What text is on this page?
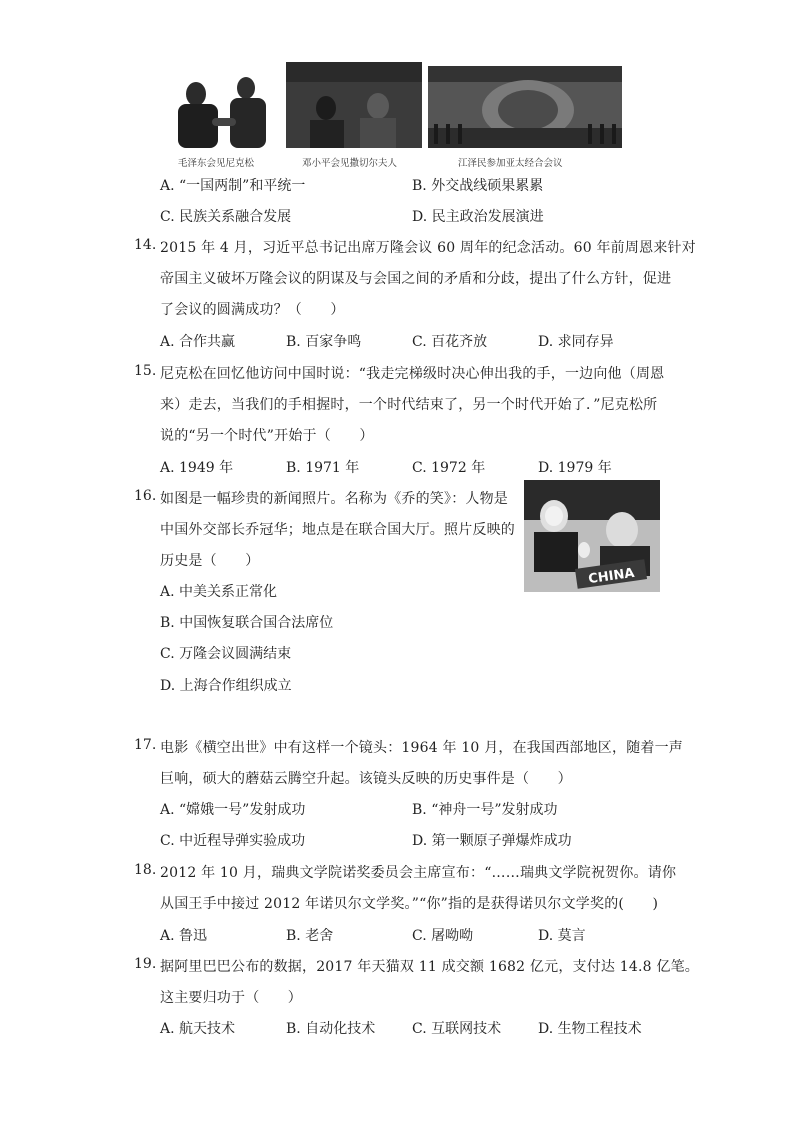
毛泽东会见尼克松	邓小平会见撒切尔夫人	江泽民参加亚太经合会议
A. “一国两制”和平统一	B. 外交战线硕果累累
C. 民族关系融合发展	D. 民主政治发展演进
14. 2015 年 4 月，习近平总书记出席万隆会议 60 周年的纪念活动。60 年前周恩来针对
帝国主义破坏万隆会议的阴谋及与会国之间的矛盾和分歧，提出了什么方针，促进
了会议的圆满成功？（　　）
A. 合作共赢	B. 百家争鸣	C. 百花齐放	D. 求同存异
15. 尼克松在回忆他访问中国时说：“我走完梯级时决心伸出我的手，一边向他（周恩
来）走去，当我们的手相握时，一个时代结束了，另一个时代开始了．”尼克松所
说的“另一个时代”开始于（　　）
A. 1949 年	B. 1971 年	C. 1972 年	D. 1979 年
16. 如图是一幅珍贵的新闻照片。名称为《乔的笑》：人物是
中国外交部长乔冠华；地点是在联合国大厅。照片反映的
历史是（　　）
CHINA
A. 中美关系正常化
B. 中国恢复联合国合法席位
C. 万隆会议圆满结束
D. 上海合作组织成立
17. 电影《横空出世》中有这样一个镜头：1964 年 10 月，在我国西部地区，随着一声
巨响，硕大的蘑菇云腾空升起。该镜头反映的历史事件是（　　）
A. “嫦娥一号”发射成功	B. “神舟一号”发射成功
C. 中近程导弹实验成功	D. 第一颗原子弹爆炸成功
18. 2012 年 10 月，瑞典文学院诺奖委员会主席宣布：“……瑞典文学院祝贺你。请你
从国王手中接过 2012 年诺贝尔文学奖。”“你”指的是获得诺贝尔文学奖的(　　)
A. 鲁迅	B. 老舍	C. 屠呦呦	D. 莫言
19. 据阿里巴巴公布的数据，2017 年天猫双 11 成交额 1682 亿元，支付达 14.8 亿笔。
这主要归功于（　　）
A. 航天技术	B. 自动化技术	C. 互联网技术	D. 生物工程技术
